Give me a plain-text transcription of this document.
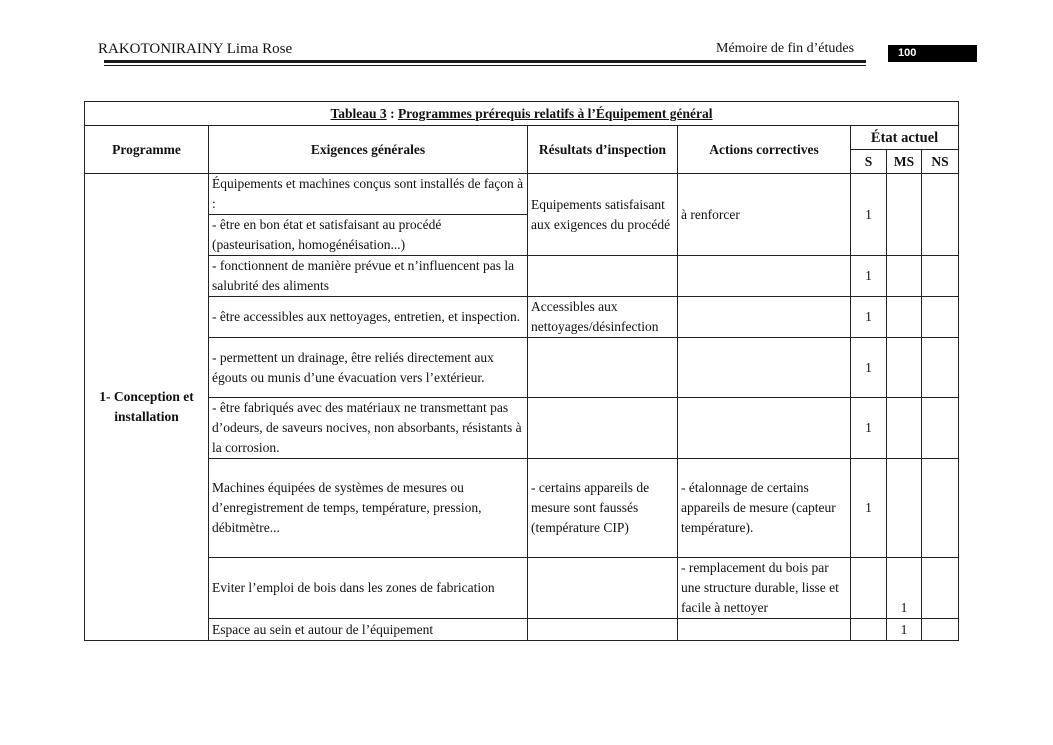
RAKOTONIRAINY Lima Rose	Mémoire de fin d’études	100
Tableau 3 : Programmes prérequis relatifs à l’Équipement général						
Programme	Exigences générales	Résultats d’inspection	Actions correctives	État actuel		
				S	MS	NS
1- Conception et installation	Équipements et machines conçus sont installés de façon à :	Equipements satisfaisant aux exigences du procédé	à renforcer	1		
	- être en bon état et satisfaisant au procédé (pasteurisation, homogénéisation...)					
	- fonctionnent de manière prévue et n’influencent pas la salubrité des aliments			1		
	- être accessibles aux nettoyages, entretien, et inspection.	Accessibles aux nettoyages/désinfection		1		
	- permettent un drainage, être reliés directement aux égouts ou munis d’une évacuation vers l’extérieur.			1		
	- être fabriqués avec des matériaux ne transmettant pas d’odeurs, de saveurs nocives, non absorbants, résistants à la corrosion.			1		
	Machines équipées de systèmes de mesures ou d’enregistrement de temps, température, pression, débitmètre...	- certains appareils de mesure sont faussés (température CIP)	- étalonnage de certains appareils de mesure (capteur température).	1		
	Eviter l’emploi de bois dans les zones de fabrication		- remplacement du bois par une structure durable, lisse et facile à nettoyer		1	
	Espace au sein et autour de l’équipement				1	
